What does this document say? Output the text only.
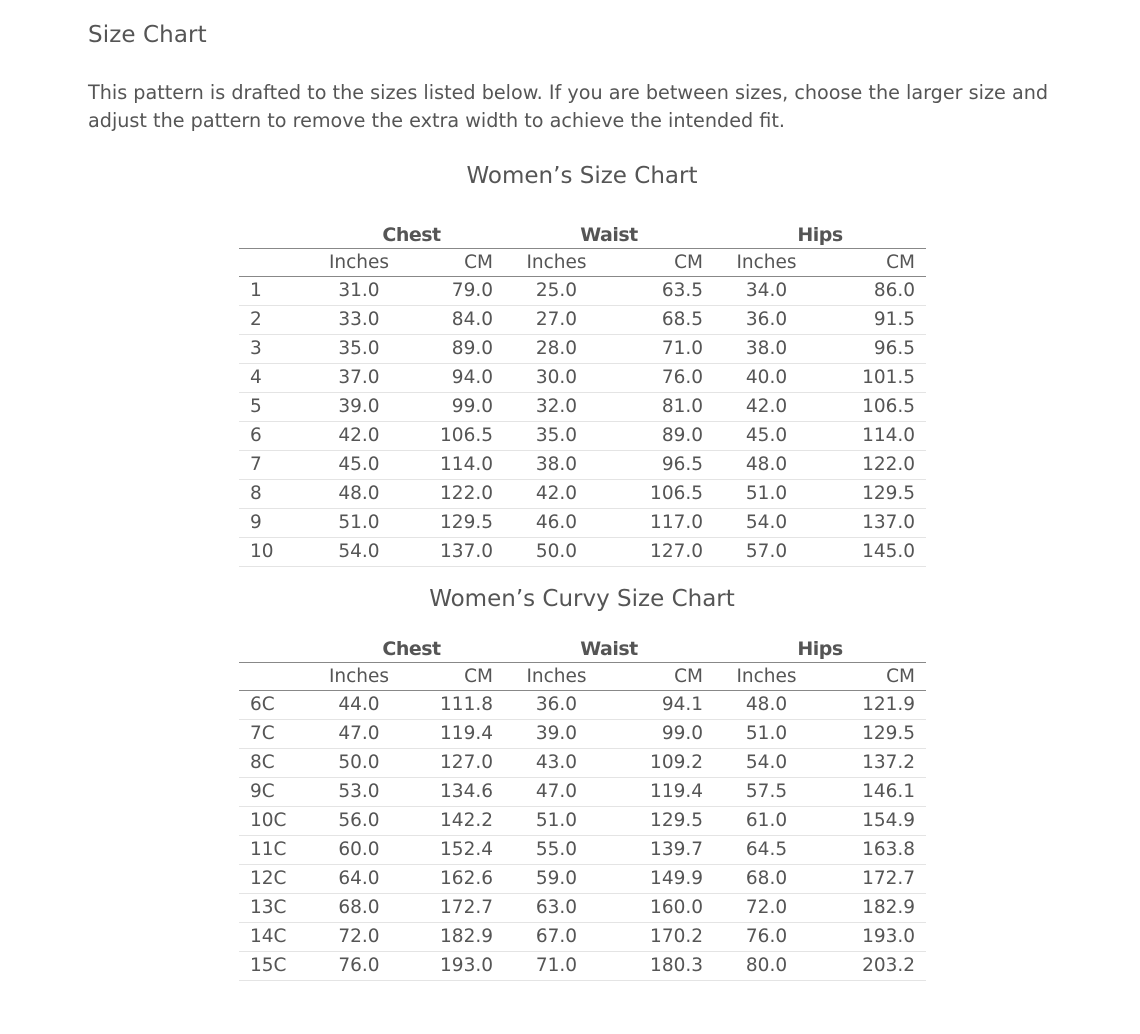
Size Chart

This pattern is drafted to the sizes listed below. If you are between sizes, choose the larger size and adjust the pattern to remove the extra width to achieve the intended fit.

Women’s Size Chart
	Chest		Waist		Hips	
	Inches	CM	Inches	CM	Inches	CM
1	31.0	79.0	25.0	63.5	34.0	86.0
2	33.0	84.0	27.0	68.5	36.0	91.5
3	35.0	89.0	28.0	71.0	38.0	96.5
4	37.0	94.0	30.0	76.0	40.0	101.5
5	39.0	99.0	32.0	81.0	42.0	106.5
6	42.0	106.5	35.0	89.0	45.0	114.0
7	45.0	114.0	38.0	96.5	48.0	122.0
8	48.0	122.0	42.0	106.5	51.0	129.5
9	51.0	129.5	46.0	117.0	54.0	137.0
10	54.0	137.0	50.0	127.0	57.0	145.0
Women’s Curvy Size Chart
	Chest		Waist		Hips	
	Inches	CM	Inches	CM	Inches	CM
6C	44.0	111.8	36.0	94.1	48.0	121.9
7C	47.0	119.4	39.0	99.0	51.0	129.5
8C	50.0	127.0	43.0	109.2	54.0	137.2
9C	53.0	134.6	47.0	119.4	57.5	146.1
10C	56.0	142.2	51.0	129.5	61.0	154.9
11C	60.0	152.4	55.0	139.7	64.5	163.8
12C	64.0	162.6	59.0	149.9	68.0	172.7
13C	68.0	172.7	63.0	160.0	72.0	182.9
14C	72.0	182.9	67.0	170.2	76.0	193.0
15C	76.0	193.0	71.0	180.3	80.0	203.2
